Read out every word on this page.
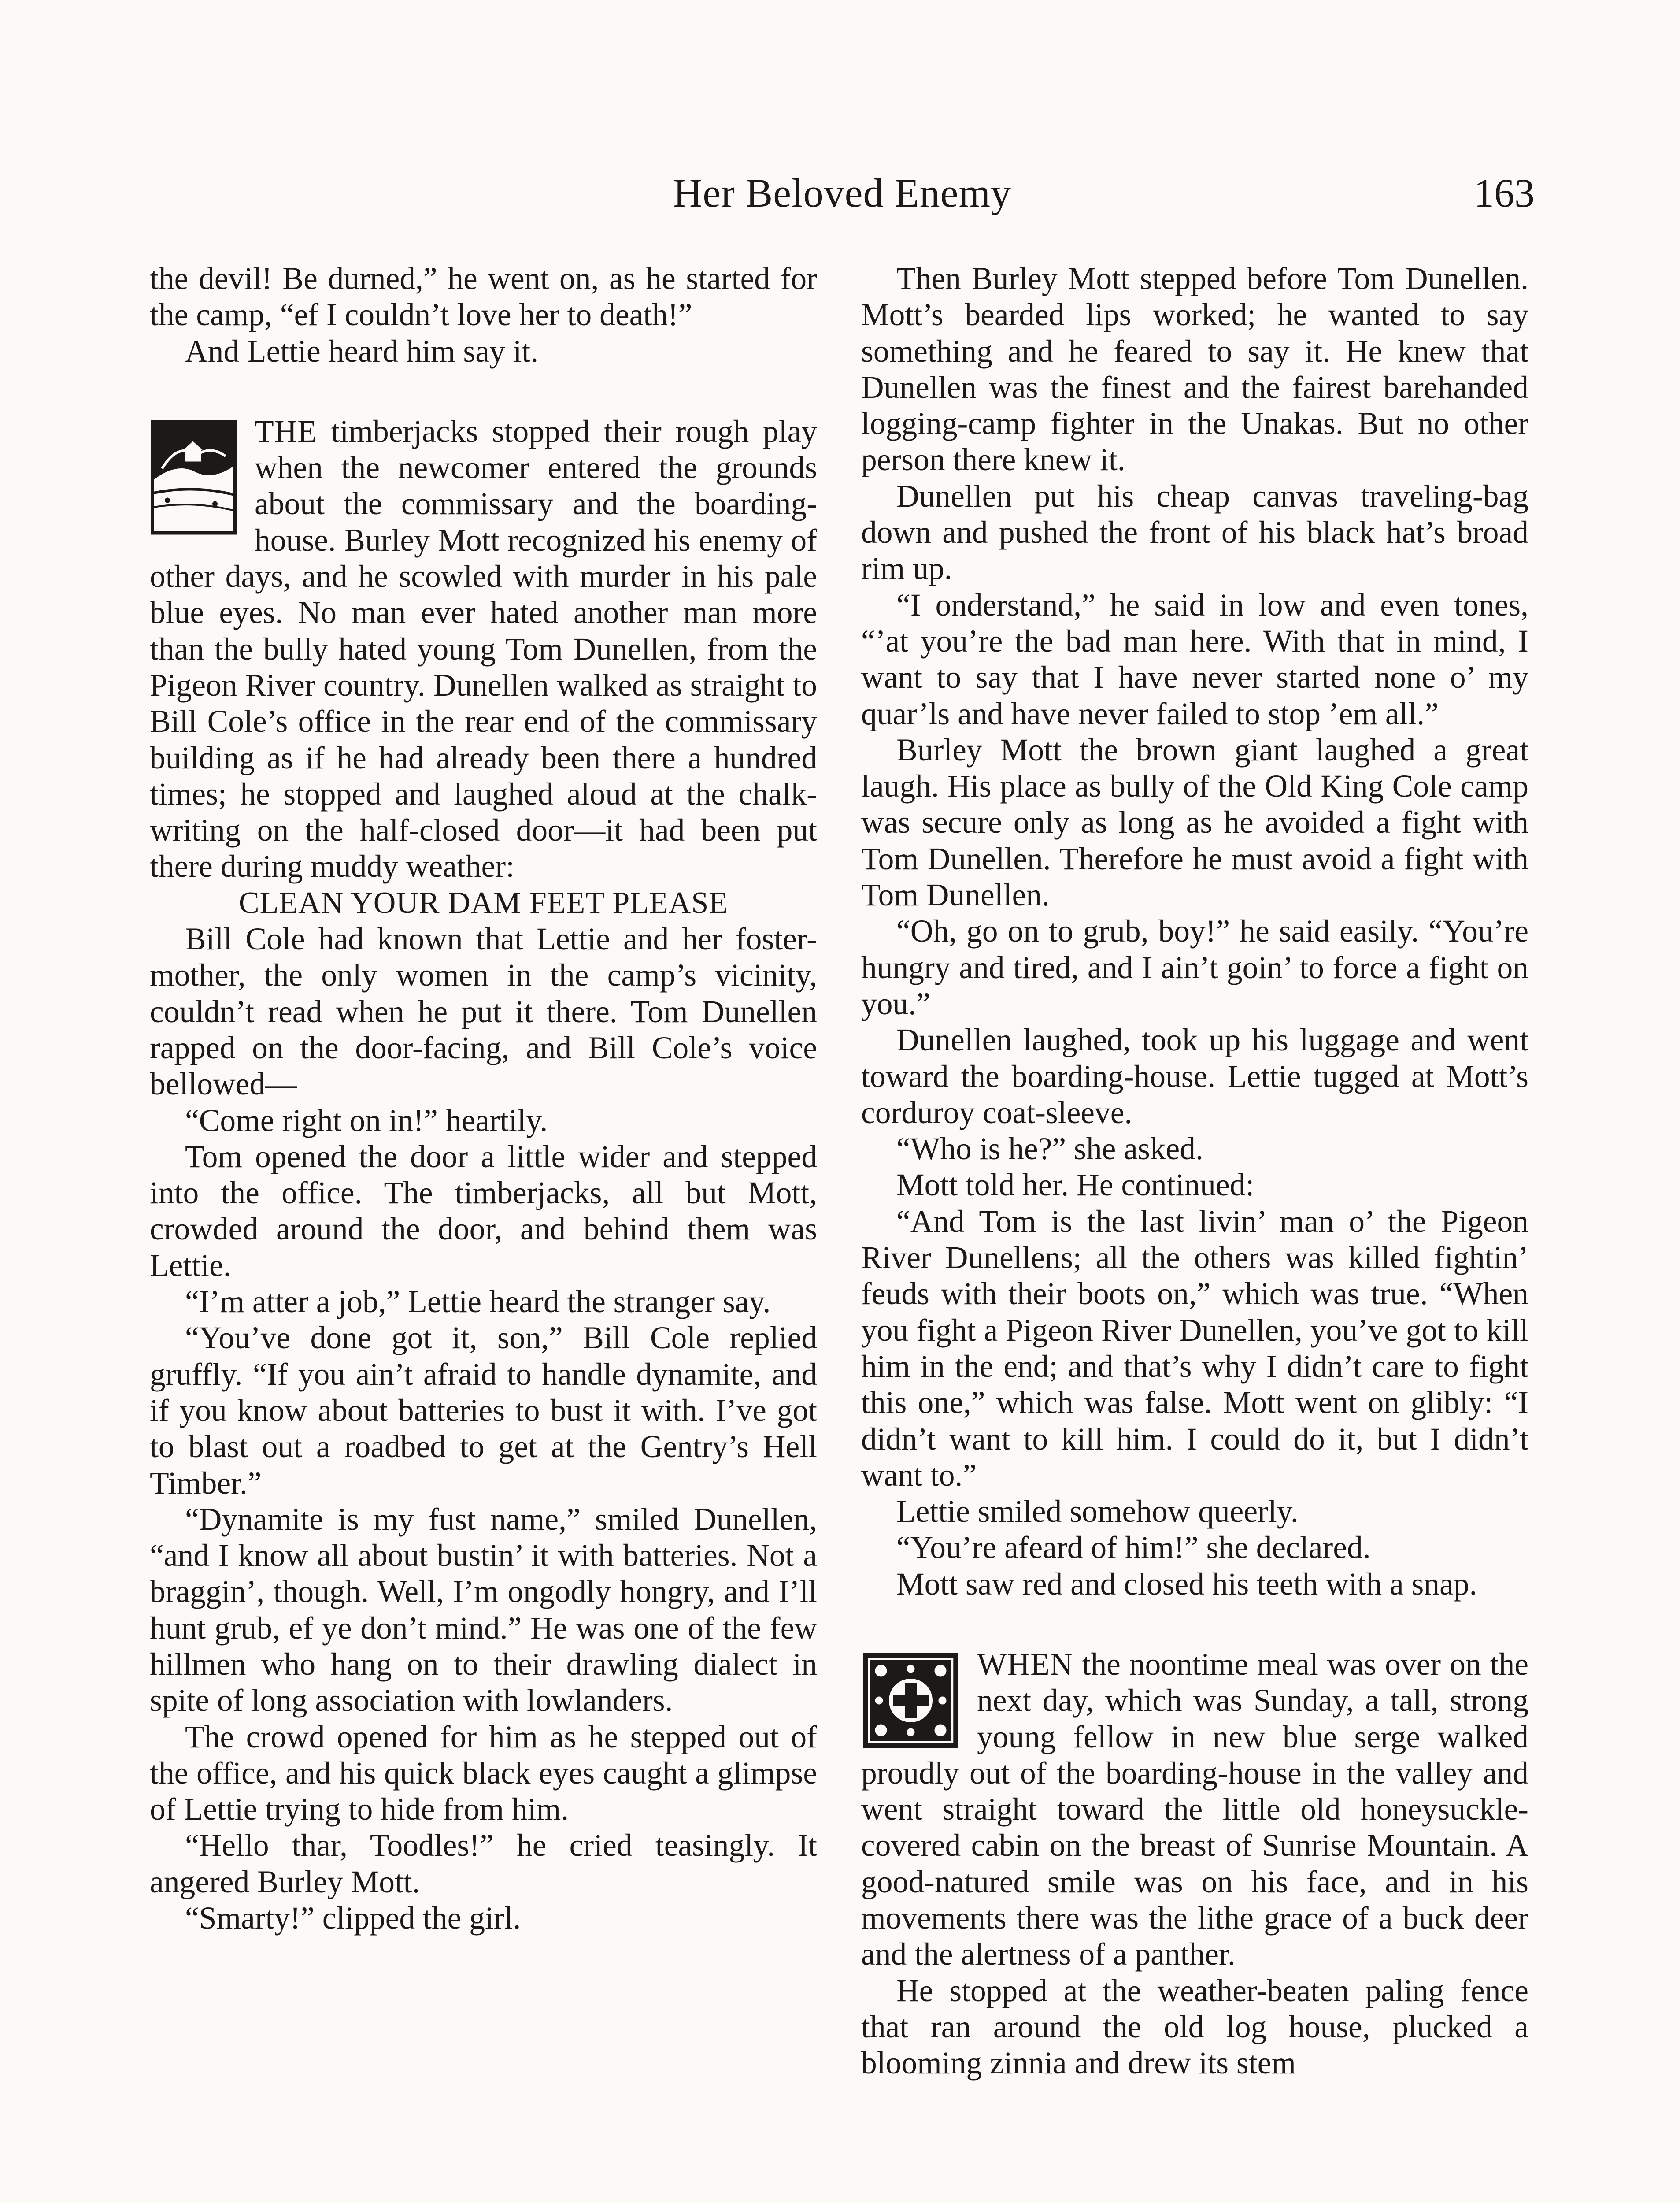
Her Beloved Enemy	163

the devil! Be durned,” he went on, as he started for the camp, “ef I couldn’t love her to death!”

And Lettie heard him say it.

THE timberjacks stopped their rough play when the newcomer entered the grounds about the commissary and the boarding-house. Burley Mott recognized his enemy of other days, and he scowled with murder in his pale blue eyes. No man ever hated another man more than the bully hated young Tom Dunellen, from the Pigeon River country. Dunellen walked as straight to Bill Cole’s office in the rear end of the commissary building as if he had already been there a hundred times; he stopped and laughed aloud at the chalk-writing on the half-closed door—it had been put there during muddy weather:

CLEAN YOUR DAM FEET PLEASE

Bill Cole had known that Lettie and her foster-mother, the only women in the camp’s vicinity, couldn’t read when he put it there. Tom Dunellen rapped on the door-facing, and Bill Cole’s voice bellowed—

“Come right on in!” heartily.

Tom opened the door a little wider and stepped into the office. The timberjacks, all but Mott, crowded around the door, and behind them was Lettie.

“I’m atter a job,” Lettie heard the stranger say.

“You’ve done got it, son,” Bill Cole replied gruffly. “If you ain’t afraid to handle dynamite, and if you know about batteries to bust it with. I’ve got to blast out a roadbed to get at the Gentry’s Hell Timber.”

“Dynamite is my fust name,” smiled Dunellen, “and I know all about bustin’ it with batteries. Not a braggin’, though. Well, I’m ongodly hongry, and I’ll hunt grub, ef ye don’t mind.” He was one of the few hillmen who hang on to their drawling dialect in spite of long association with lowlanders.

The crowd opened for him as he stepped out of the office, and his quick black eyes caught a glimpse of Lettie trying to hide from him.

“Hello thar, Toodles!” he cried teasingly. It angered Burley Mott.

“Smarty!” clipped the girl.

Then Burley Mott stepped before Tom Dunellen. Mott’s bearded lips worked; he wanted to say something and he feared to say it. He knew that Dunellen was the finest and the fairest barehanded logging-camp fighter in the Unakas. But no other person there knew it.

Dunellen put his cheap canvas traveling-bag down and pushed the front of his black hat’s broad rim up.

“I onderstand,” he said in low and even tones, “’at you’re the bad man here. With that in mind, I want to say that I have never started none o’ my quar’ls and have never failed to stop ’em all.”

Burley Mott the brown giant laughed a great laugh. His place as bully of the Old King Cole camp was secure only as long as he avoided a fight with Tom Dunellen. Therefore he must avoid a fight with Tom Dunellen.

“Oh, go on to grub, boy!” he said easily. “You’re hungry and tired, and I ain’t goin’ to force a fight on you.”

Dunellen laughed, took up his luggage and went toward the boarding-house. Lettie tugged at Mott’s corduroy coat-sleeve.

“Who is he?” she asked.

Mott told her. He continued:

“And Tom is the last livin’ man o’ the Pigeon River Dunellens; all the others was killed fightin’ feuds with their boots on,” which was true. “When you fight a Pigeon River Dunellen, you’ve got to kill him in the end; and that’s why I didn’t care to fight this one,” which was false. Mott went on glibly: “I didn’t want to kill him. I could do it, but I didn’t want to.”

Lettie smiled somehow queerly.

“You’re afeard of him!” she declared.

Mott saw red and closed his teeth with a snap.

WHEN the noontime meal was over on the next day, which was Sunday, a tall, strong young fellow in new blue serge walked proudly out of the boarding-house in the valley and went straight toward the little old honeysuckle-covered cabin on the breast of Sunrise Mountain. A good-natured smile was on his face, and in his movements there was the lithe grace of a buck deer and the alertness of a panther.

He stopped at the weather-beaten paling fence that ran around the old log house, plucked a blooming zinnia and drew its stem
